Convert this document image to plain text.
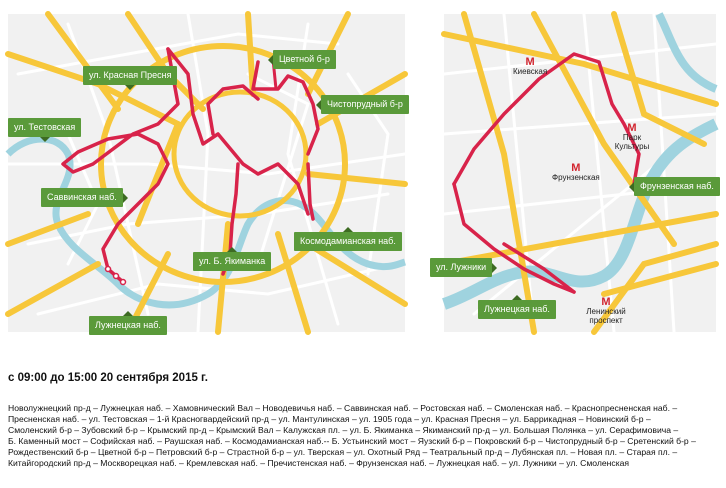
ул. Красная Пресня
Цветной б-р
Чистопрудный б-р
ул. Тестовская
Саввинская наб.
ул. Б. Якиманка
Космодамианская наб.
Лужнецкая наб.
М
Киевская
М
Парк Культуры
М
Фрунзенская
М
Ленинский проспект
Фрунзенская наб.
ул. Лужники
Лужнецкая наб.
с 09:00 до 15:00 20 сентября 2015 г.
Новолужнецкий пр-д – Лужнецкая наб. – Хамовнический Вал – Новодевичья наб. – Саввинская наб. – Ростовская наб. – Смоленская наб. – Краснопресненская наб. –
Пресненская наб. – ул. Тестовская – 1-й Красногвардейский пр-д – ул. Мантулинская – ул. 1905 года – ул. Красная Пресня – ул. Баррикадная – Новинский б-р –
Смоленский б-р – Зубовский б-р – Крымский пр-д – Крымский Вал – Калужская пл. – ул. Б. Якиманка – Якиманский пр-д – ул. Большая Полянка – ул. Серафимовича –
Б. Каменный мост – Софийская наб. – Раушская наб. – Космодамианская наб.-- Б. Устьинский мост – Яузский б-р – Покровский б-р – Чистопрудный б-р – Сретенский б-р –
Рождественский б-р – Цветной б-р – Петровский б-р – Страстной б-р – ул. Тверская – ул. Охотный Ряд – Театральный пр-д – Лубянская пл. – Новая пл. – Старая пл. –
Китайгородский пр-д – Москворецкая наб. – Кремлевская наб. – Пречистенская наб. – Фрунзенская наб. – Лужнецкая наб. – ул. Лужники – ул. Смоленская
